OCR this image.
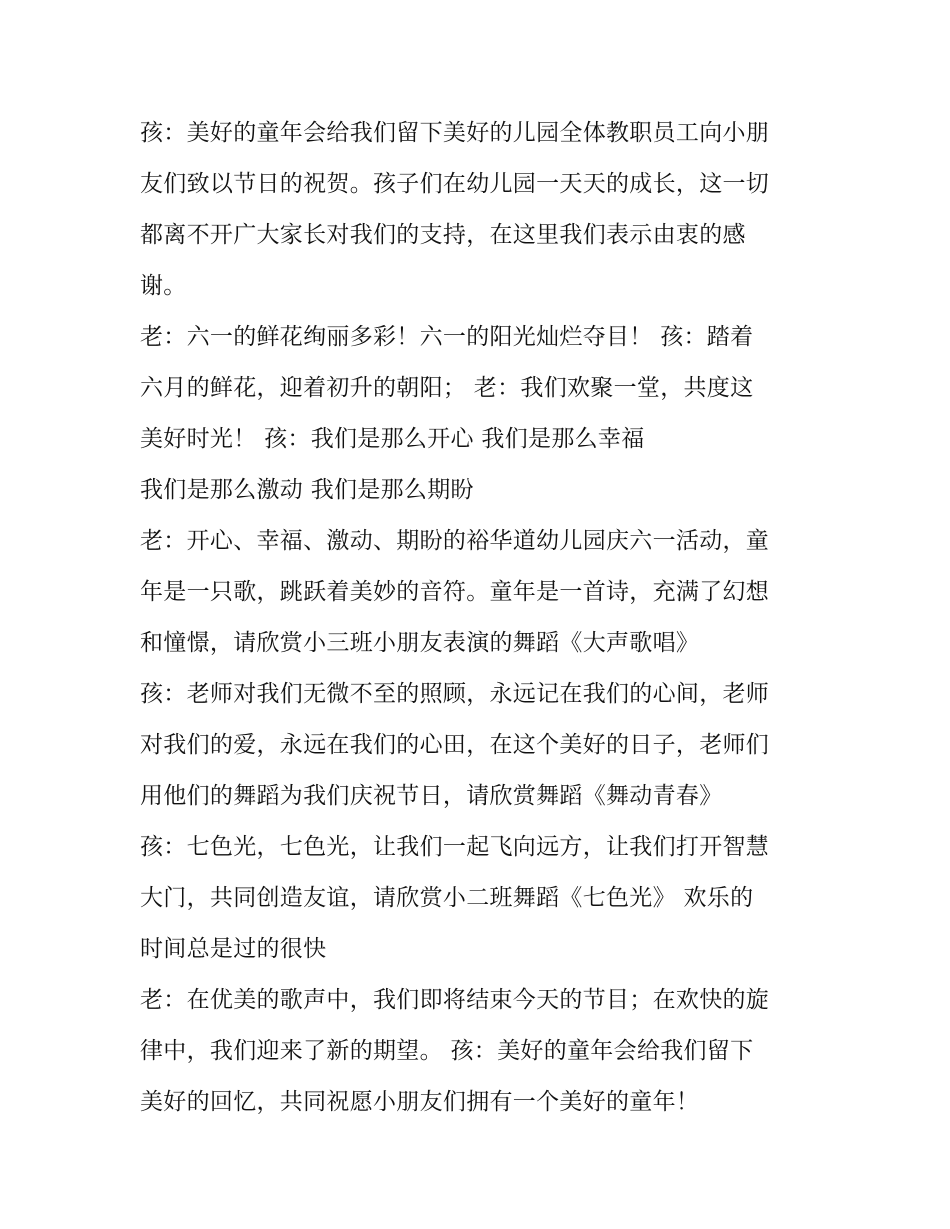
孩：美好的童年会给我们留下美好的儿园全体教职员工向小朋
友们致以节日的祝贺。孩子们在幼儿园一天天的成长，这一切
都离不开广大家长对我们的支持，在这里我们表示由衷的感
谢。
老：六一的鲜花绚丽多彩！六一的阳光灿烂夺目！ 孩：踏着
六月的鲜花，迎着初升的朝阳； 老：我们欢聚一堂，共度这
美好时光！ 孩：我们是那么开心 我们是那么幸福
我们是那么激动 我们是那么期盼
老：开心、幸福、激动、期盼的裕华道幼儿园庆六一活动，童
年是一只歌，跳跃着美妙的音符。童年是一首诗，充满了幻想
和憧憬，请欣赏小三班小朋友表演的舞蹈《大声歌唱》
孩：老师对我们无微不至的照顾，永远记在我们的心间，老师
对我们的爱，永远在我们的心田，在这个美好的日子，老师们
用他们的舞蹈为我们庆祝节日，请欣赏舞蹈《舞动青春》
孩：七色光，七色光，让我们一起飞向远方，让我们打开智慧
大门，共同创造友谊，请欣赏小二班舞蹈《七色光》 欢乐的
时间总是过的很快
老：在优美的歌声中，我们即将结束今天的节目；在欢快的旋
律中，我们迎来了新的期望。 孩：美好的童年会给我们留下
美好的回忆，共同祝愿小朋友们拥有一个美好的童年！
